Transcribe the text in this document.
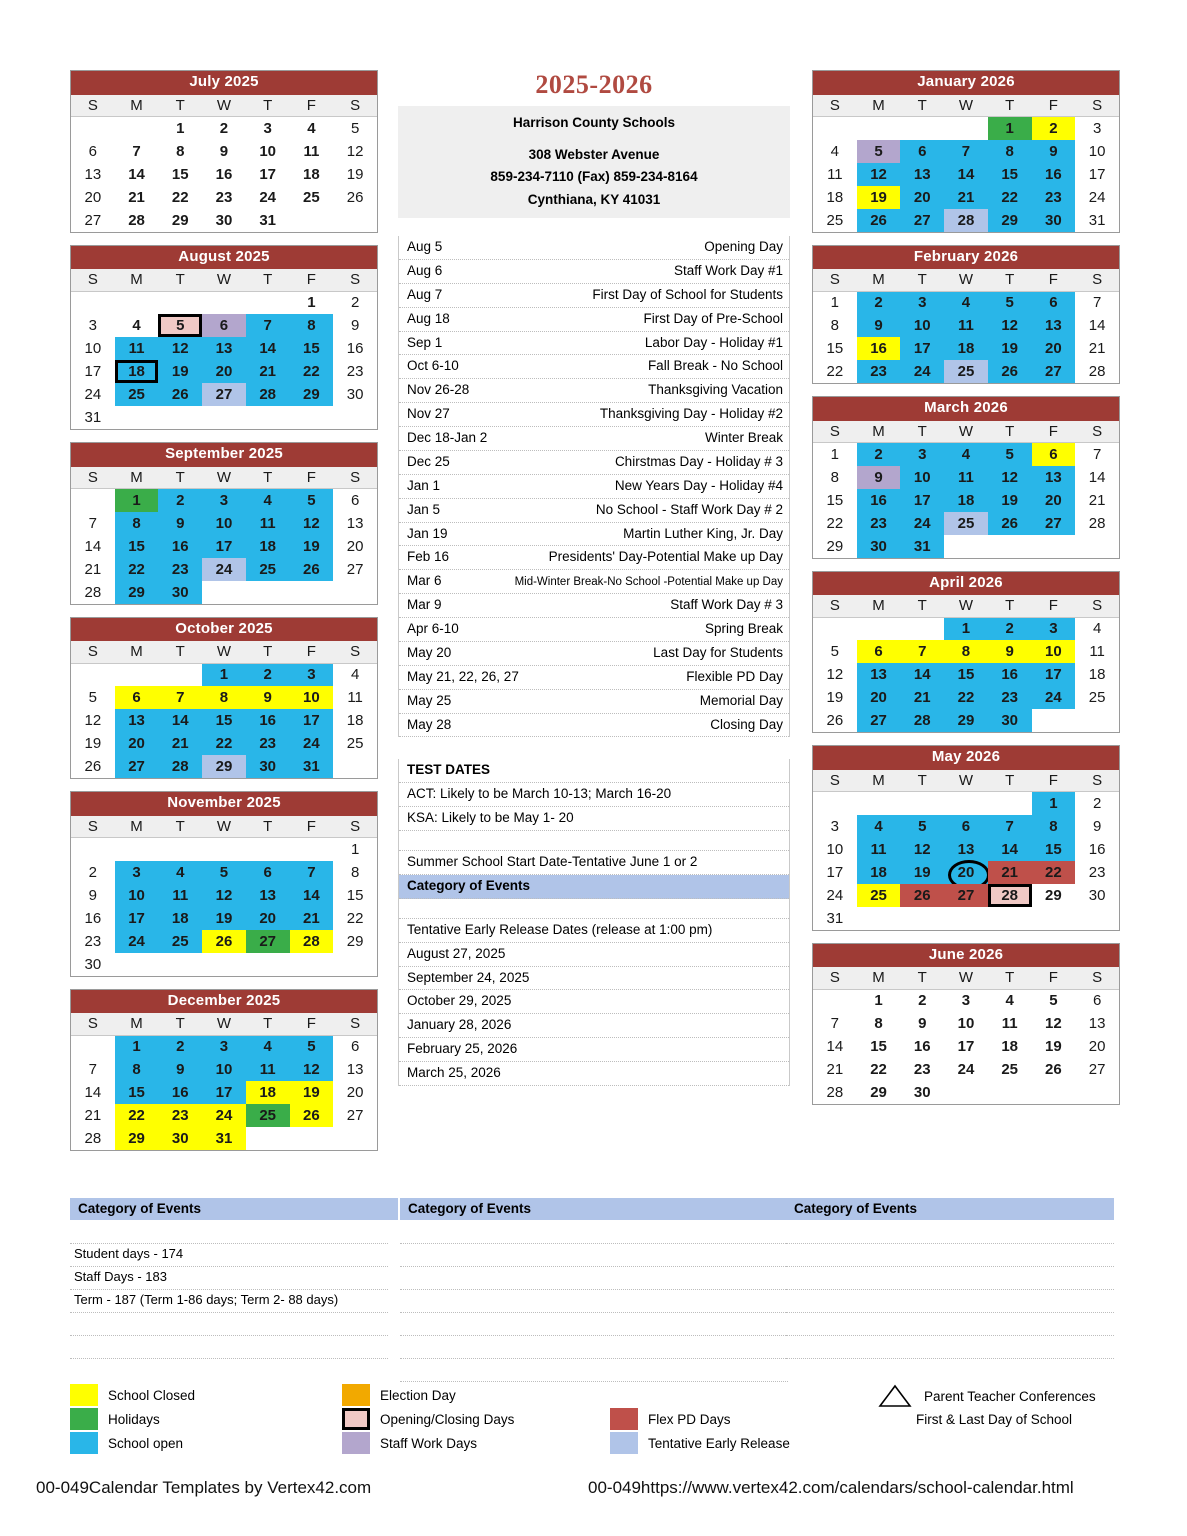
July 2025
S	M	T	W	T	F	S
		1	2	3	4	5
6	7	8	9	10	11	12
13	14	15	16	17	18	19
20	21	22	23	24	25	26
27	28	29	30	31		
August 2025
S	M	T	W	T	F	S
					1	2
3	4	5	6	7	8	9
10	11	12	13	14	15	16
17	18	19	20	21	22	23
24	25	26	27	28	29	30
31						
September 2025
S	M	T	W	T	F	S
	1	2	3	4	5	6
7	8	9	10	11	12	13
14	15	16	17	18	19	20
21	22	23	24	25	26	27
28	29	30				
October 2025
S	M	T	W	T	F	S
			1	2	3	4
5	6	7	8	9	10	11
12	13	14	15	16	17	18
19	20	21	22	23	24	25
26	27	28	29	30	31	
November 2025
S	M	T	W	T	F	S
						1
2	3	4	5	6	7	8
9	10	11	12	13	14	15
16	17	18	19	20	21	22
23	24	25	26	27	28	29
30						
December 2025
S	M	T	W	T	F	S
	1	2	3	4	5	6
7	8	9	10	11	12	13
14	15	16	17	18	19	20
21	22	23	24	25	26	27
28	29	30	31			
2025-2026
Harrison County Schools
308 Webster Avenue
859-234-7110 (Fax) 859-234-8164
Cynthiana, KY 41031
Aug 5	Opening Day
Aug 6	Staff Work Day #1
Aug 7	First Day of School for Students
Aug 18	First Day of Pre-School
Sep 1	Labor Day - Holiday #1
Oct 6-10	Fall Break - No School
Nov 26-28	Thanksgiving Vacation
Nov 27	Thanksgiving Day - Holiday #2
Dec 18-Jan 2	Winter Break
Dec 25	Chirstmas Day - Holiday # 3
Jan 1	New Years Day - Holiday #4
Jan 5	No School - Staff Work Day # 2
Jan 19	Martin Luther King, Jr. Day
Feb 16	Presidents' Day-Potential Make up Day
Mar 6	Mid-Winter Break-No School -Potential Make up Day
Mar 9	Staff Work Day # 3
Apr 6-10	Spring Break
May 20	Last Day for Students
May 21, 22, 26, 27	Flexible PD Day
May 25	Memorial Day
May 28	Closing Day
TEST DATES
ACT: Likely to be March 10-13; March 16-20
KSA: Likely to be May 1- 20
Summer School Start Date-Tentative June 1 or 2
Category of Events
Tentative Early Release Dates (release at 1:00 pm)
August 27, 2025
September 24, 2025
October 29, 2025
January 28, 2026
February 25, 2026
March 25, 2026
January 2026
S	M	T	W	T	F	S
				1	2	3
4	5	6	7	8	9	10
11	12	13	14	15	16	17
18	19	20	21	22	23	24
25	26	27	28	29	30	31
February 2026
S	M	T	W	T	F	S
1	2	3	4	5	6	7
8	9	10	11	12	13	14
15	16	17	18	19	20	21
22	23	24	25	26	27	28
March 2026
S	M	T	W	T	F	S
1	2	3	4	5	6	7
8	9	10	11	12	13	14
15	16	17	18	19	20	21
22	23	24	25	26	27	28
29	30	31				
April 2026
S	M	T	W	T	F	S
			1	2	3	4
5	6	7	8	9	10	11
12	13	14	15	16	17	18
19	20	21	22	23	24	25
26	27	28	29	30		
May 2026
S	M	T	W	T	F	S
					1	2
3	4	5	6	7	8	9
10	11	12	13	14	15	16
17	18	19	20	21	22	23
24	25	26	27	28	29	30
31						
June 2026
S	M	T	W	T	F	S
	1	2	3	4	5	6
7	8	9	10	11	12	13
14	15	16	17	18	19	20
21	22	23	24	25	26	27
28	29	30				
Category of Events	Category of Events	Category of Events
Student days - 174
Staff Days - 183
Term - 187 (Term 1-86 days; Term 2- 88 days)
School Closed
Holidays
School open
Election Day
Opening/Closing Days
Staff Work Days
Flex PD Days
Tentative Early Release
Parent Teacher Conferences
First & Last Day of School
00-049Calendar Templates by Vertex42.com	00-049https://www.vertex42.com/calendars/school-calendar.html
